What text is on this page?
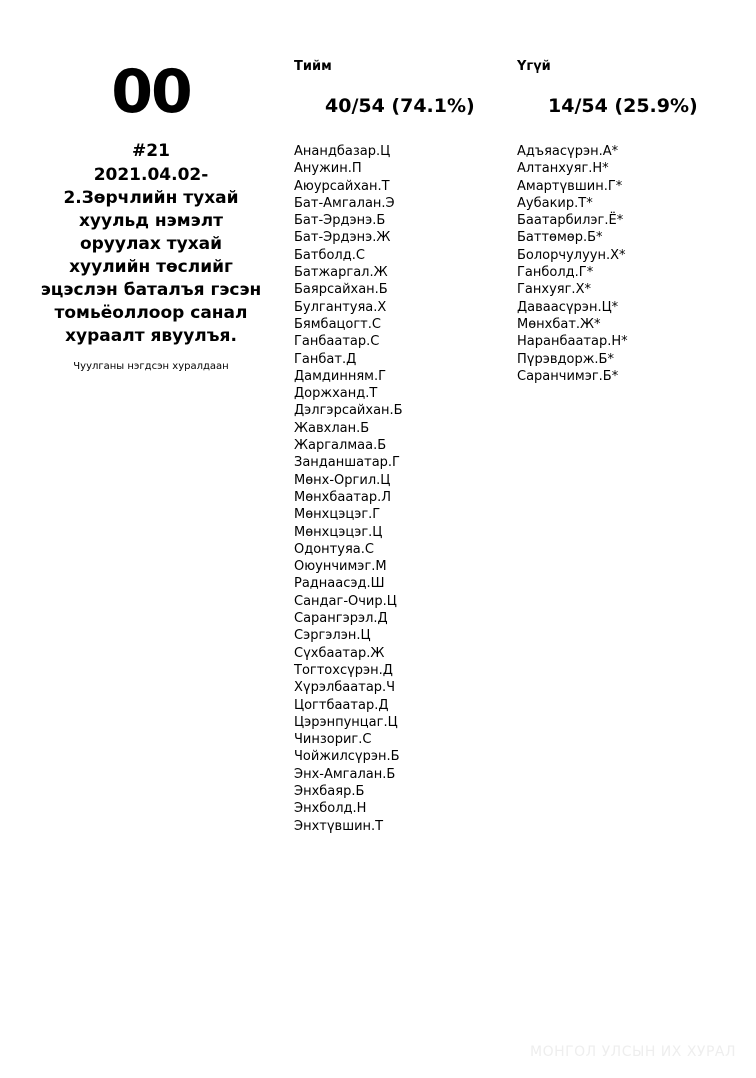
00
#21
2021.04.02-2.Зөрчлийн тухай хуульд нэмэлт оруулах тухай хуулийн төслийг эцэслэн баталъя гэсэн томьёоллоор санал хураалт явуулъя.
Чуулганы нэгдсэн хуралдаан
Тийм
40/54 (74.1%)
Анандбазар.Ц
Анужин.П
Аюурсайхан.Т
Бат-Амгалан.Э
Бат-Эрдэнэ.Б
Бат-Эрдэнэ.Ж
Батболд.С
Батжаргал.Ж
Баярсайхан.Б
Булгантуяа.Х
Бямбацогт.С
Ганбаатар.С
Ганбат.Д
Дамдинням.Г
Доржханд.Т
Дэлгэрсайхан.Б
Жавхлан.Б
Жаргалмаа.Б
Занданшатар.Г
Мөнх-Оргил.Ц
Мөнхбаатар.Л
Мөнхцэцэг.Г
Мөнхцэцэг.Ц
Одонтуяа.С
Оюунчимэг.М
Раднаасэд.Ш
Сандаг-Очир.Ц
Сарангэрэл.Д
Сэргэлэн.Ц
Сүхбаатар.Ж
Тогтохсүрэн.Д
Хүрэлбаатар.Ч
Цогтбаатар.Д
Цэрэнпунцаг.Ц
Чинзориг.С
Чойжилсүрэн.Б
Энх-Амгалан.Б
Энхбаяр.Б
Энхболд.Н
Энхтүвшин.Т
Үгүй
14/54 (25.9%)
Адъяасүрэн.А*
Алтанхуяг.Н*
Амартүвшин.Г*
Аубакир.Т*
Баатарбилэг.Ё*
Баттөмөр.Б*
Болорчулуун.Х*
Ганболд.Г*
Ганхуяг.Х*
Даваасүрэн.Ц*
Мөнхбат.Ж*
Наранбаатар.Н*
Пүрэвдорж.Б*
Саранчимэг.Б*
МОНГОЛ УЛСЫН ИХ ХУРАЛ
